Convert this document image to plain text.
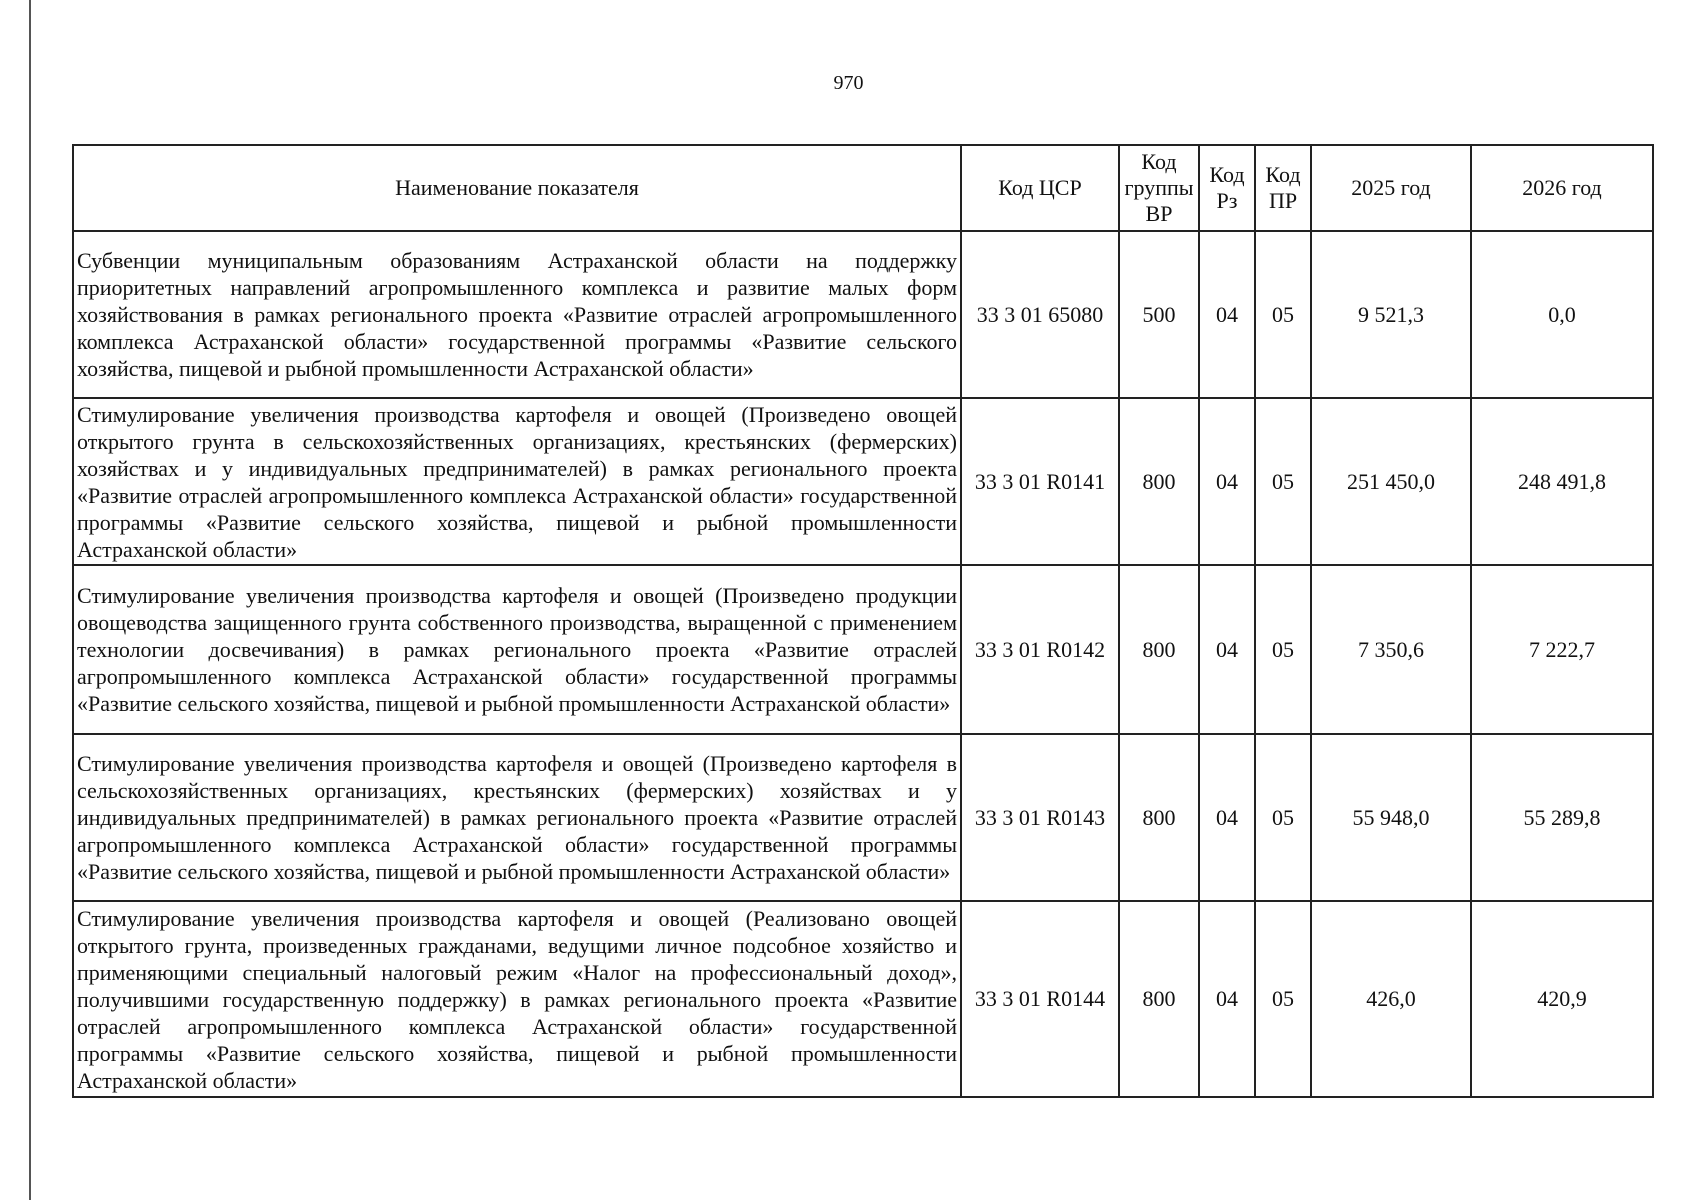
970
Наименование показателя	Код ЦСР	Код группы ВР	Код Рз	Код ПР	2025 год	2026 год
Субвенции муниципальным образованиям Астраханской области на поддержку приоритетных направлений агропромышленного комплекса и развитие малых форм хозяйствования в рамках регионального проекта «Развитие отраслей агропромышленного комплекса Астраханской области» государственной программы «Развитие сельского хозяйства, пищевой и рыбной промышленности Астраханской области»	33 3 01 65080	500	04	05	9 521,3	0,0
Стимулирование увеличения производства картофеля и овощей (Произведено овощей открытого грунта в сельскохозяйственных организациях, крестьянских (фермерских) хозяйствах и у индивидуальных предпринимателей) в рамках регионального проекта «Развитие отраслей агропромышленного комплекса Астраханской области» государственной программы «Развитие сельского хозяйства, пищевой и рыбной промышленности Астраханской области»	33 3 01 R0141	800	04	05	251 450,0	248 491,8
Стимулирование увеличения производства картофеля и овощей (Произведено продукции овощеводства защищенного грунта собственного производства, выращенной с применением технологии досвечивания) в рамках регионального проекта «Развитие отраслей агропромышленного комплекса Астраханской области» государственной программы «Развитие сельского хозяйства, пищевой и рыбной промышленности Астраханской области»	33 3 01 R0142	800	04	05	7 350,6	7 222,7
Стимулирование увеличения производства картофеля и овощей (Произведено картофеля в сельскохозяйственных организациях, крестьянских (фермерских) хозяйствах и у индивидуальных предпринимателей) в рамках регионального проекта «Развитие отраслей агропромышленного комплекса Астраханской области» государственной программы «Развитие сельского хозяйства, пищевой и рыбной промышленности Астраханской области»	33 3 01 R0143	800	04	05	55 948,0	55 289,8
Стимулирование увеличения производства картофеля и овощей (Реализовано овощей открытого грунта, произведенных гражданами, ведущими личное подсобное хозяйство и применяющими специальный налоговый режим «Налог на профессиональный доход», получившими государственную поддержку) в рамках регионального проекта «Развитие отраслей агропромышленного комплекса Астраханской области» государственной программы «Развитие сельского хозяйства, пищевой и рыбной промышленности Астраханской области»	33 3 01 R0144	800	04	05	426,0	420,9
